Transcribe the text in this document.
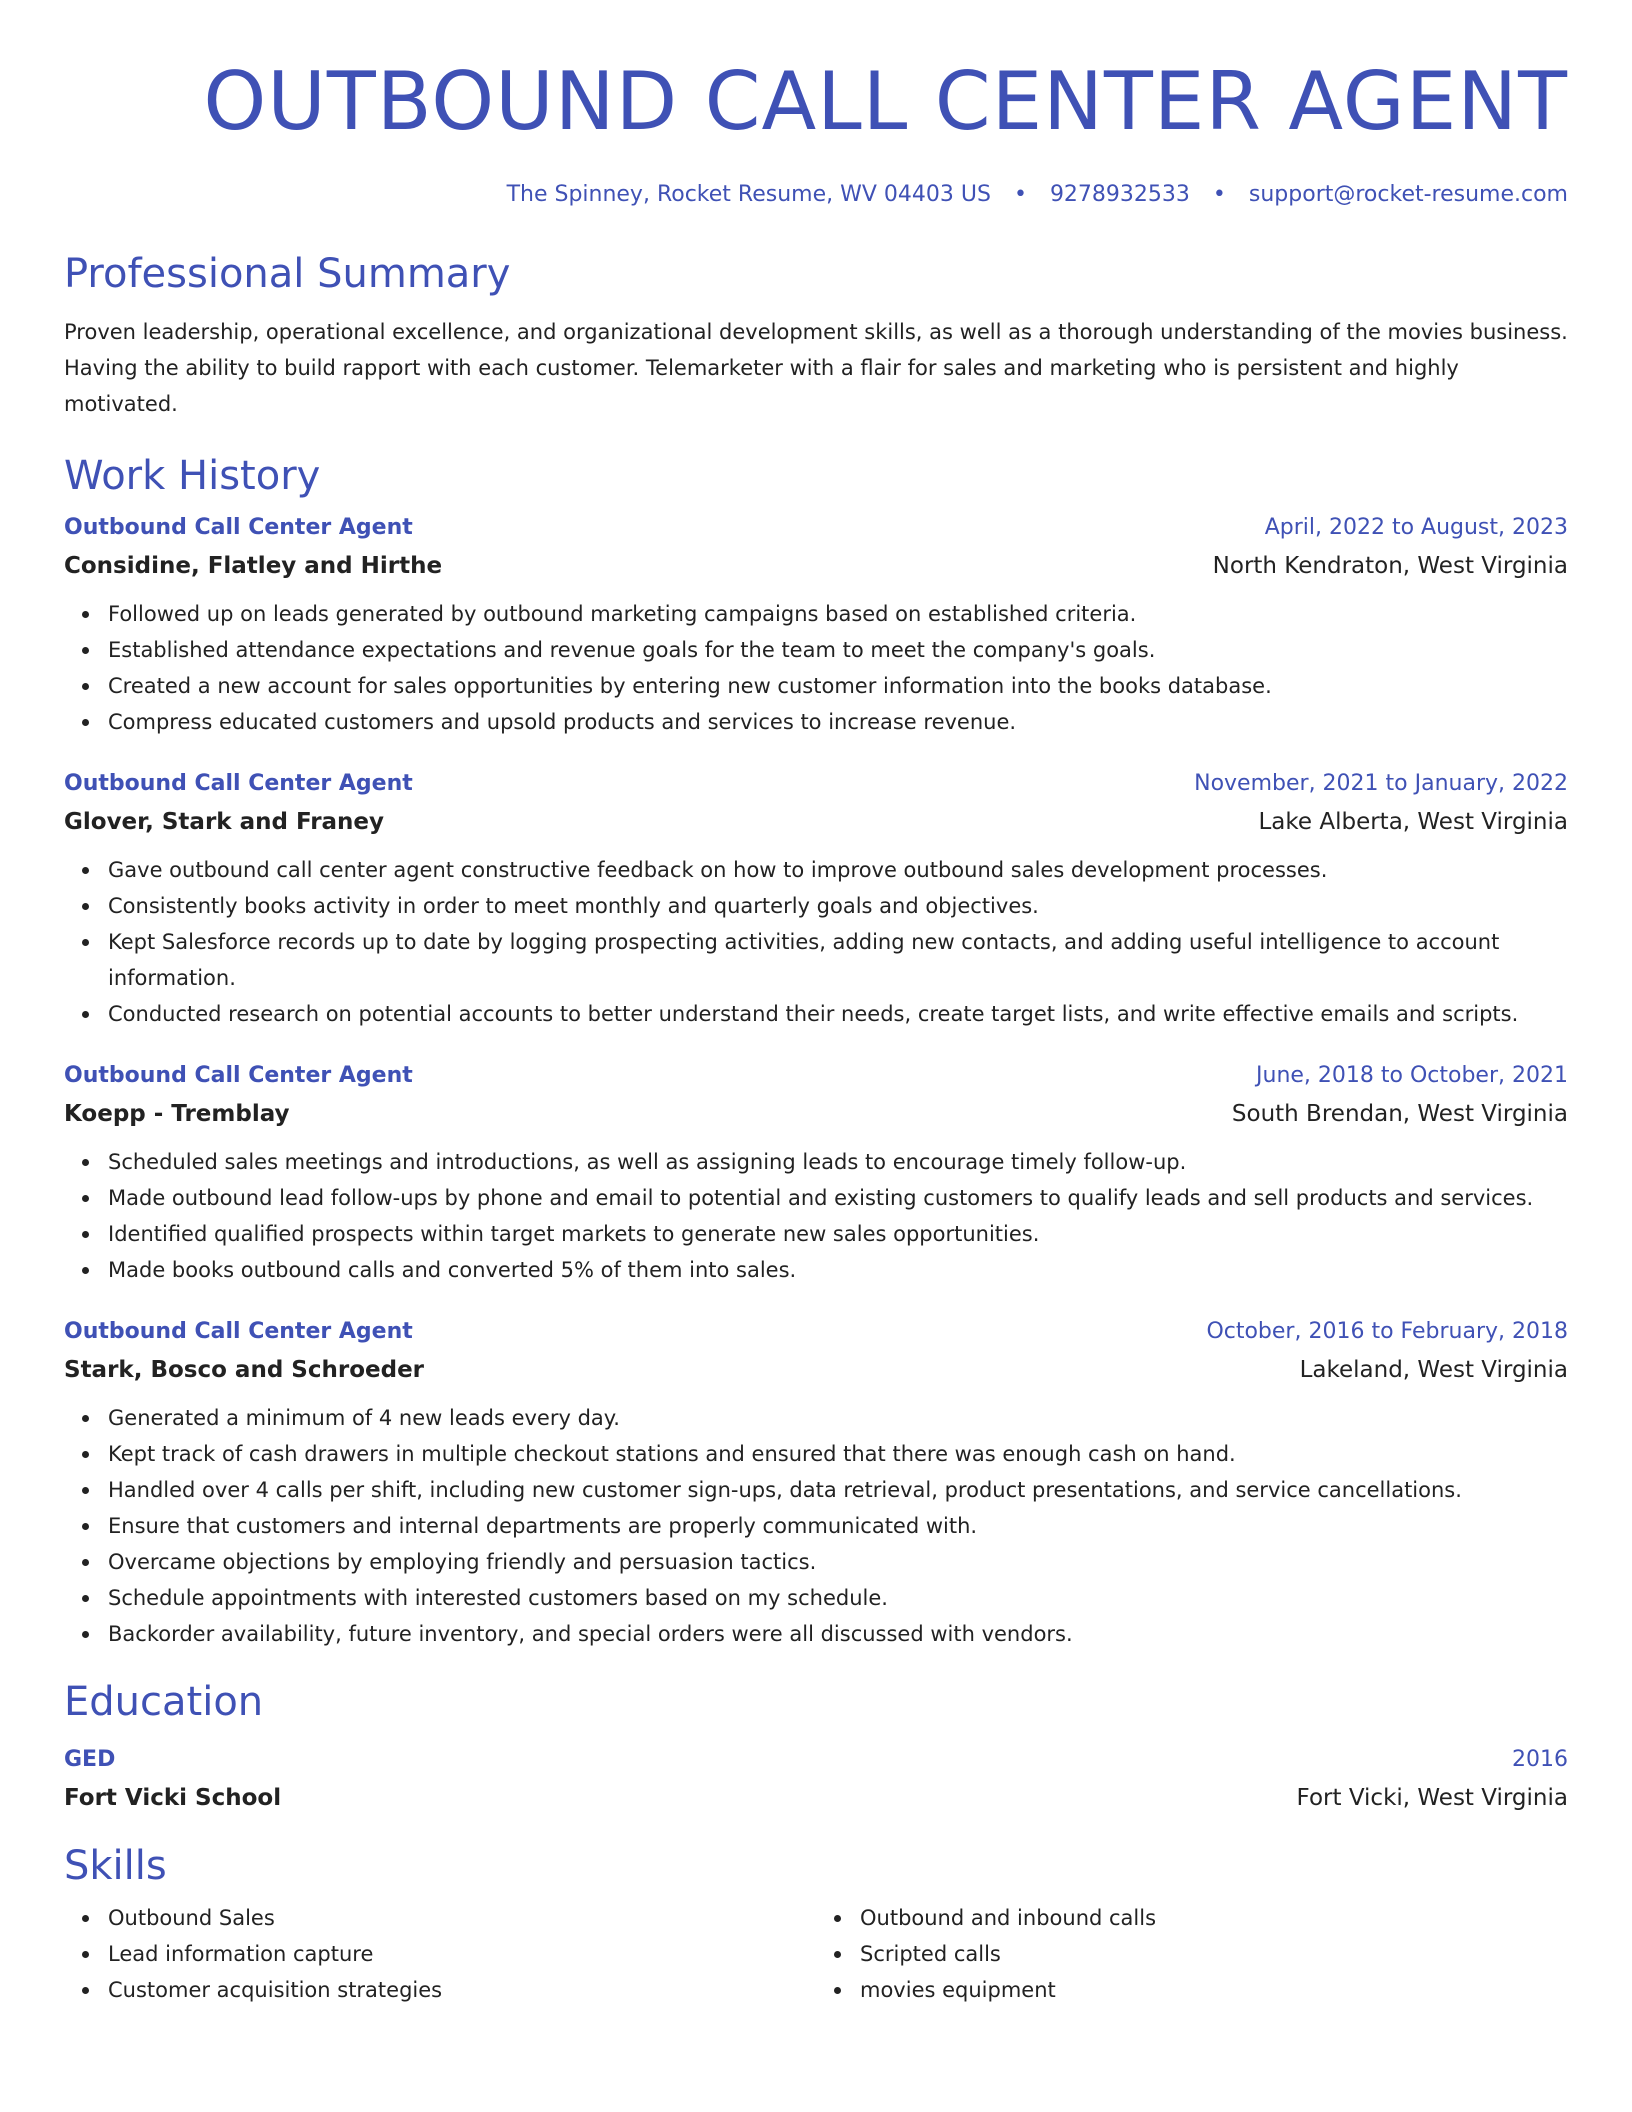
OUTBOUND CALL CENTER AGENT
The Spinney, Rocket Resume, WV 04403 US • 9278932533 • support@rocket-resume.com
Professional Summary
Proven leadership, operational excellence, and organizational development skills, as well as a thorough understanding of the movies business. Having the ability to build rapport with each customer. Telemarketer with a flair for sales and marketing who is persistent and highly motivated.
Work History
Outbound Call Center Agent	April, 2022 to August, 2023
Considine, Flatley and Hirthe	North Kendraton, West Virginia
Followed up on leads generated by outbound marketing campaigns based on established criteria.
Established attendance expectations and revenue goals for the team to meet the company's goals.
Created a new account for sales opportunities by entering new customer information into the books database.
Compress educated customers and upsold products and services to increase revenue.
Outbound Call Center Agent	November, 2021 to January, 2022
Glover, Stark and Franey	Lake Alberta, West Virginia
Gave outbound call center agent constructive feedback on how to improve outbound sales development processes.
Consistently books activity in order to meet monthly and quarterly goals and objectives.
Kept Salesforce records up to date by logging prospecting activities, adding new contacts, and adding useful intelligence to account information.
Conducted research on potential accounts to better understand their needs, create target lists, and write effective emails and scripts.
Outbound Call Center Agent	June, 2018 to October, 2021
Koepp - Tremblay	South Brendan, West Virginia
Scheduled sales meetings and introductions, as well as assigning leads to encourage timely follow-up.
Made outbound lead follow-ups by phone and email to potential and existing customers to qualify leads and sell products and services.
Identified qualified prospects within target markets to generate new sales opportunities.
Made books outbound calls and converted 5% of them into sales.
Outbound Call Center Agent	October, 2016 to February, 2018
Stark, Bosco and Schroeder	Lakeland, West Virginia
Generated a minimum of 4 new leads every day.
Kept track of cash drawers in multiple checkout stations and ensured that there was enough cash on hand.
Handled over 4 calls per shift, including new customer sign-ups, data retrieval, product presentations, and service cancellations.
Ensure that customers and internal departments are properly communicated with.
Overcame objections by employing friendly and persuasion tactics.
Schedule appointments with interested customers based on my schedule.
Backorder availability, future inventory, and special orders were all discussed with vendors.
Education
GED	2016
Fort Vicki School	Fort Vicki, West Virginia
Skills
Outbound Sales
Lead information capture
Customer acquisition strategies
Outbound and inbound calls
Scripted calls
movies equipment
